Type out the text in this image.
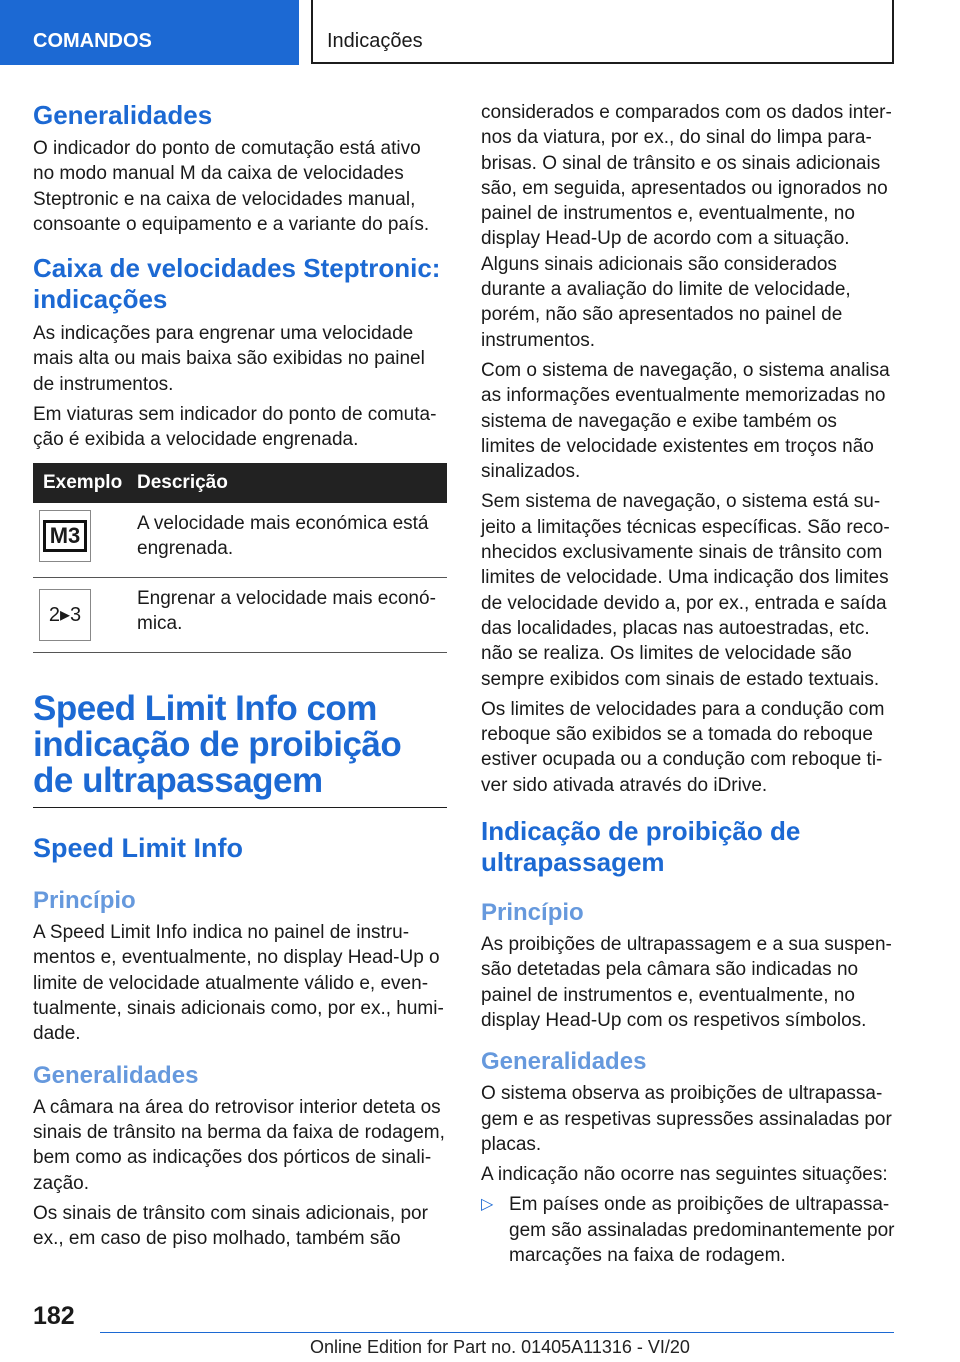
COMANDOS	Indicações
Generalidades

O indicador do ponto de comutação está ativo no modo manual M da caixa de velocidades Steptronic e na caixa de velocidades manual, consoante o equipamento e a variante do país.

Caixa de velocidades Steptronic: indicações

As indicações para engrenar uma velocidade mais alta ou mais baixa são exibidas no painel de instrumentos.

Em viaturas sem indicador do ponto de comutação é exibida a velocidade engrenada.

Exemplo	Descrição

M3	A velocidade mais económica está engrenada.

2▸3	Engrenar a velocidade mais económica.
Speed Limit Info com indicação de proibição de ultrapassagem
Speed Limit Info
Princípio

A Speed Limit Info indica no painel de instrumentos e, eventualmente, no display Head-Up o limite de velocidade atualmente válido e, eventualmente, sinais adicionais como, por ex., humidade.

Generalidades

A câmara na área do retrovisor interior deteta os sinais de trânsito na berma da faixa de rodagem, bem como as indicações dos pórticos de sinalização.

Os sinais de trânsito com sinais adicionais, por ex., em caso de piso molhado, também são

considerados e comparados com os dados internos da viatura, por ex., do sinal do limpa para-brisas. O sinal de trânsito e os sinais adicionais são, em seguida, apresentados ou ignorados no painel de instrumentos e, eventualmente, no display Head-Up de acordo com a situação. Alguns sinais adicionais são considerados durante a avaliação do limite de velocidade, porém, não são apresentados no painel de instrumentos.

Com o sistema de navegação, o sistema analisa as informações eventualmente memorizadas no sistema de navegação e exibe também os limites de velocidade existentes em troços não sinalizados.

Sem sistema de navegação, o sistema está sujeito a limitações técnicas específicas. São reconhecidos exclusivamente sinais de trânsito com limites de velocidade. Uma indicação dos limites de velocidade devido a, por ex., entrada e saída das localidades, placas nas autoestradas, etc. não se realiza. Os limites de velocidade são sempre exibidos com sinais de estado textuais.

Os limites de velocidades para a condução com reboque são exibidos se a tomada do reboque estiver ocupada ou a condução com reboque tiver sido ativada através do iDrive.

Indicação de proibição de ultrapassagem
Princípio

As proibições de ultrapassagem e a sua suspensão detetadas pela câmara são indicadas no painel de instrumentos e, eventualmente, no display Head-Up com os respetivos símbolos.

Generalidades

O sistema observa as proibições de ultrapassagem e as respetivas supressões assinaladas por placas.

A indicação não ocorre nas seguintes situações:

▷ Em países onde as proibições de ultrapassagem são assinaladas predominantemente por marcações na faixa de rodagem.

182
Online Edition for Part no. 01405A11316 - VI/20
